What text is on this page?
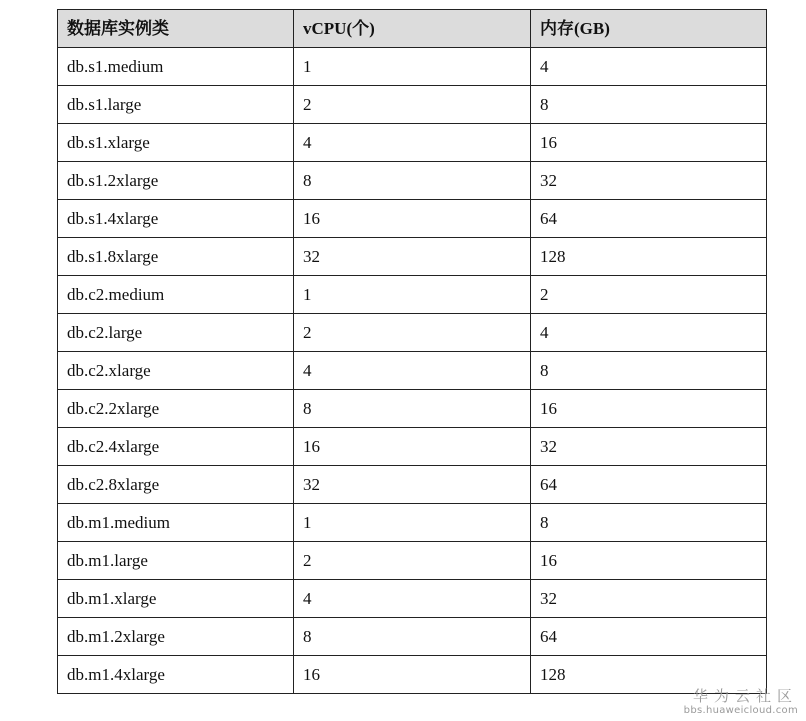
数据库实例类	vCPU(个)	内存(GB)
db.s1.medium	1	4
db.s1.large	2	8
db.s1.xlarge	4	16
db.s1.2xlarge	8	32
db.s1.4xlarge	16	64
db.s1.8xlarge	32	128
db.c2.medium	1	2
db.c2.large	2	4
db.c2.xlarge	4	8
db.c2.2xlarge	8	16
db.c2.4xlarge	16	32
db.c2.8xlarge	32	64
db.m1.medium	1	8
db.m1.large	2	16
db.m1.xlarge	4	32
db.m1.2xlarge	8	64
db.m1.4xlarge	16	128
华为云社区
bbs.huaweicloud.com
